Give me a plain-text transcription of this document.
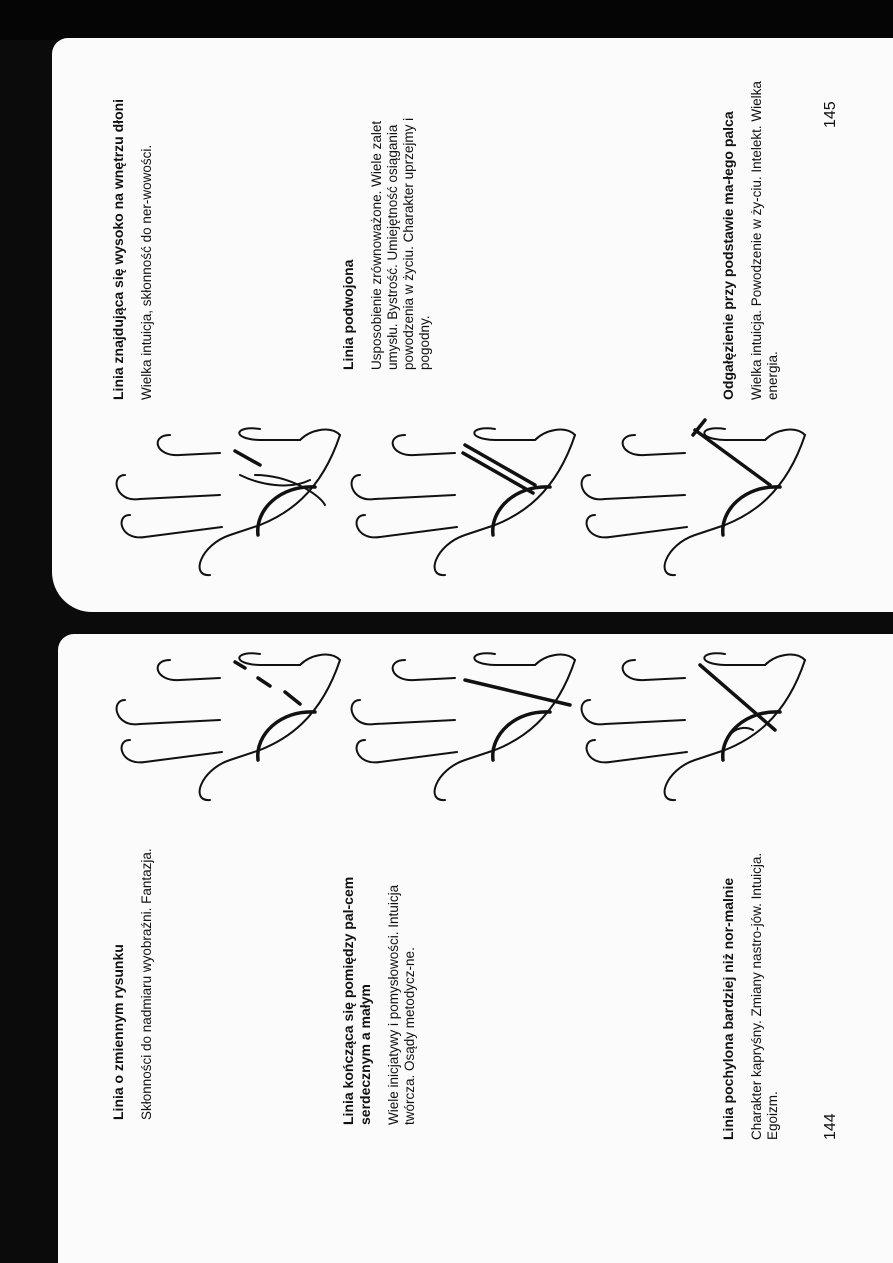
Linia znajdująca się wysoko na wnętrzu dłoni Wielka intuicja, skłonność do ner-wowości.	Linia podwojona Usposobienie zrównoważone. Wiele zalet umysłu. Bystrość. Umiejętność osiągania powodzenia w życiu. Charakter uprzejmy i pogodny.	Odgałęzienie przy podstawie ma-łego palca Wielka intuicja. Powodzenie w ży-ciu. Intelekt. Wielka energia.
145
Linia o zmiennym rysunku Skłonności do nadmiaru wyobraźni. Fantazja.	Linia kończąca się pomiędzy pal-cem serdecznym a małym Wiele inicjatywy i pomysłowości. Intuicja twórcza. Osądy metodycz-ne.	Linia pochylona bardziej niż nor-malnie Charakter kapryśny. Zmiany nastro-jów. Intuicja. Egoizm.	144
